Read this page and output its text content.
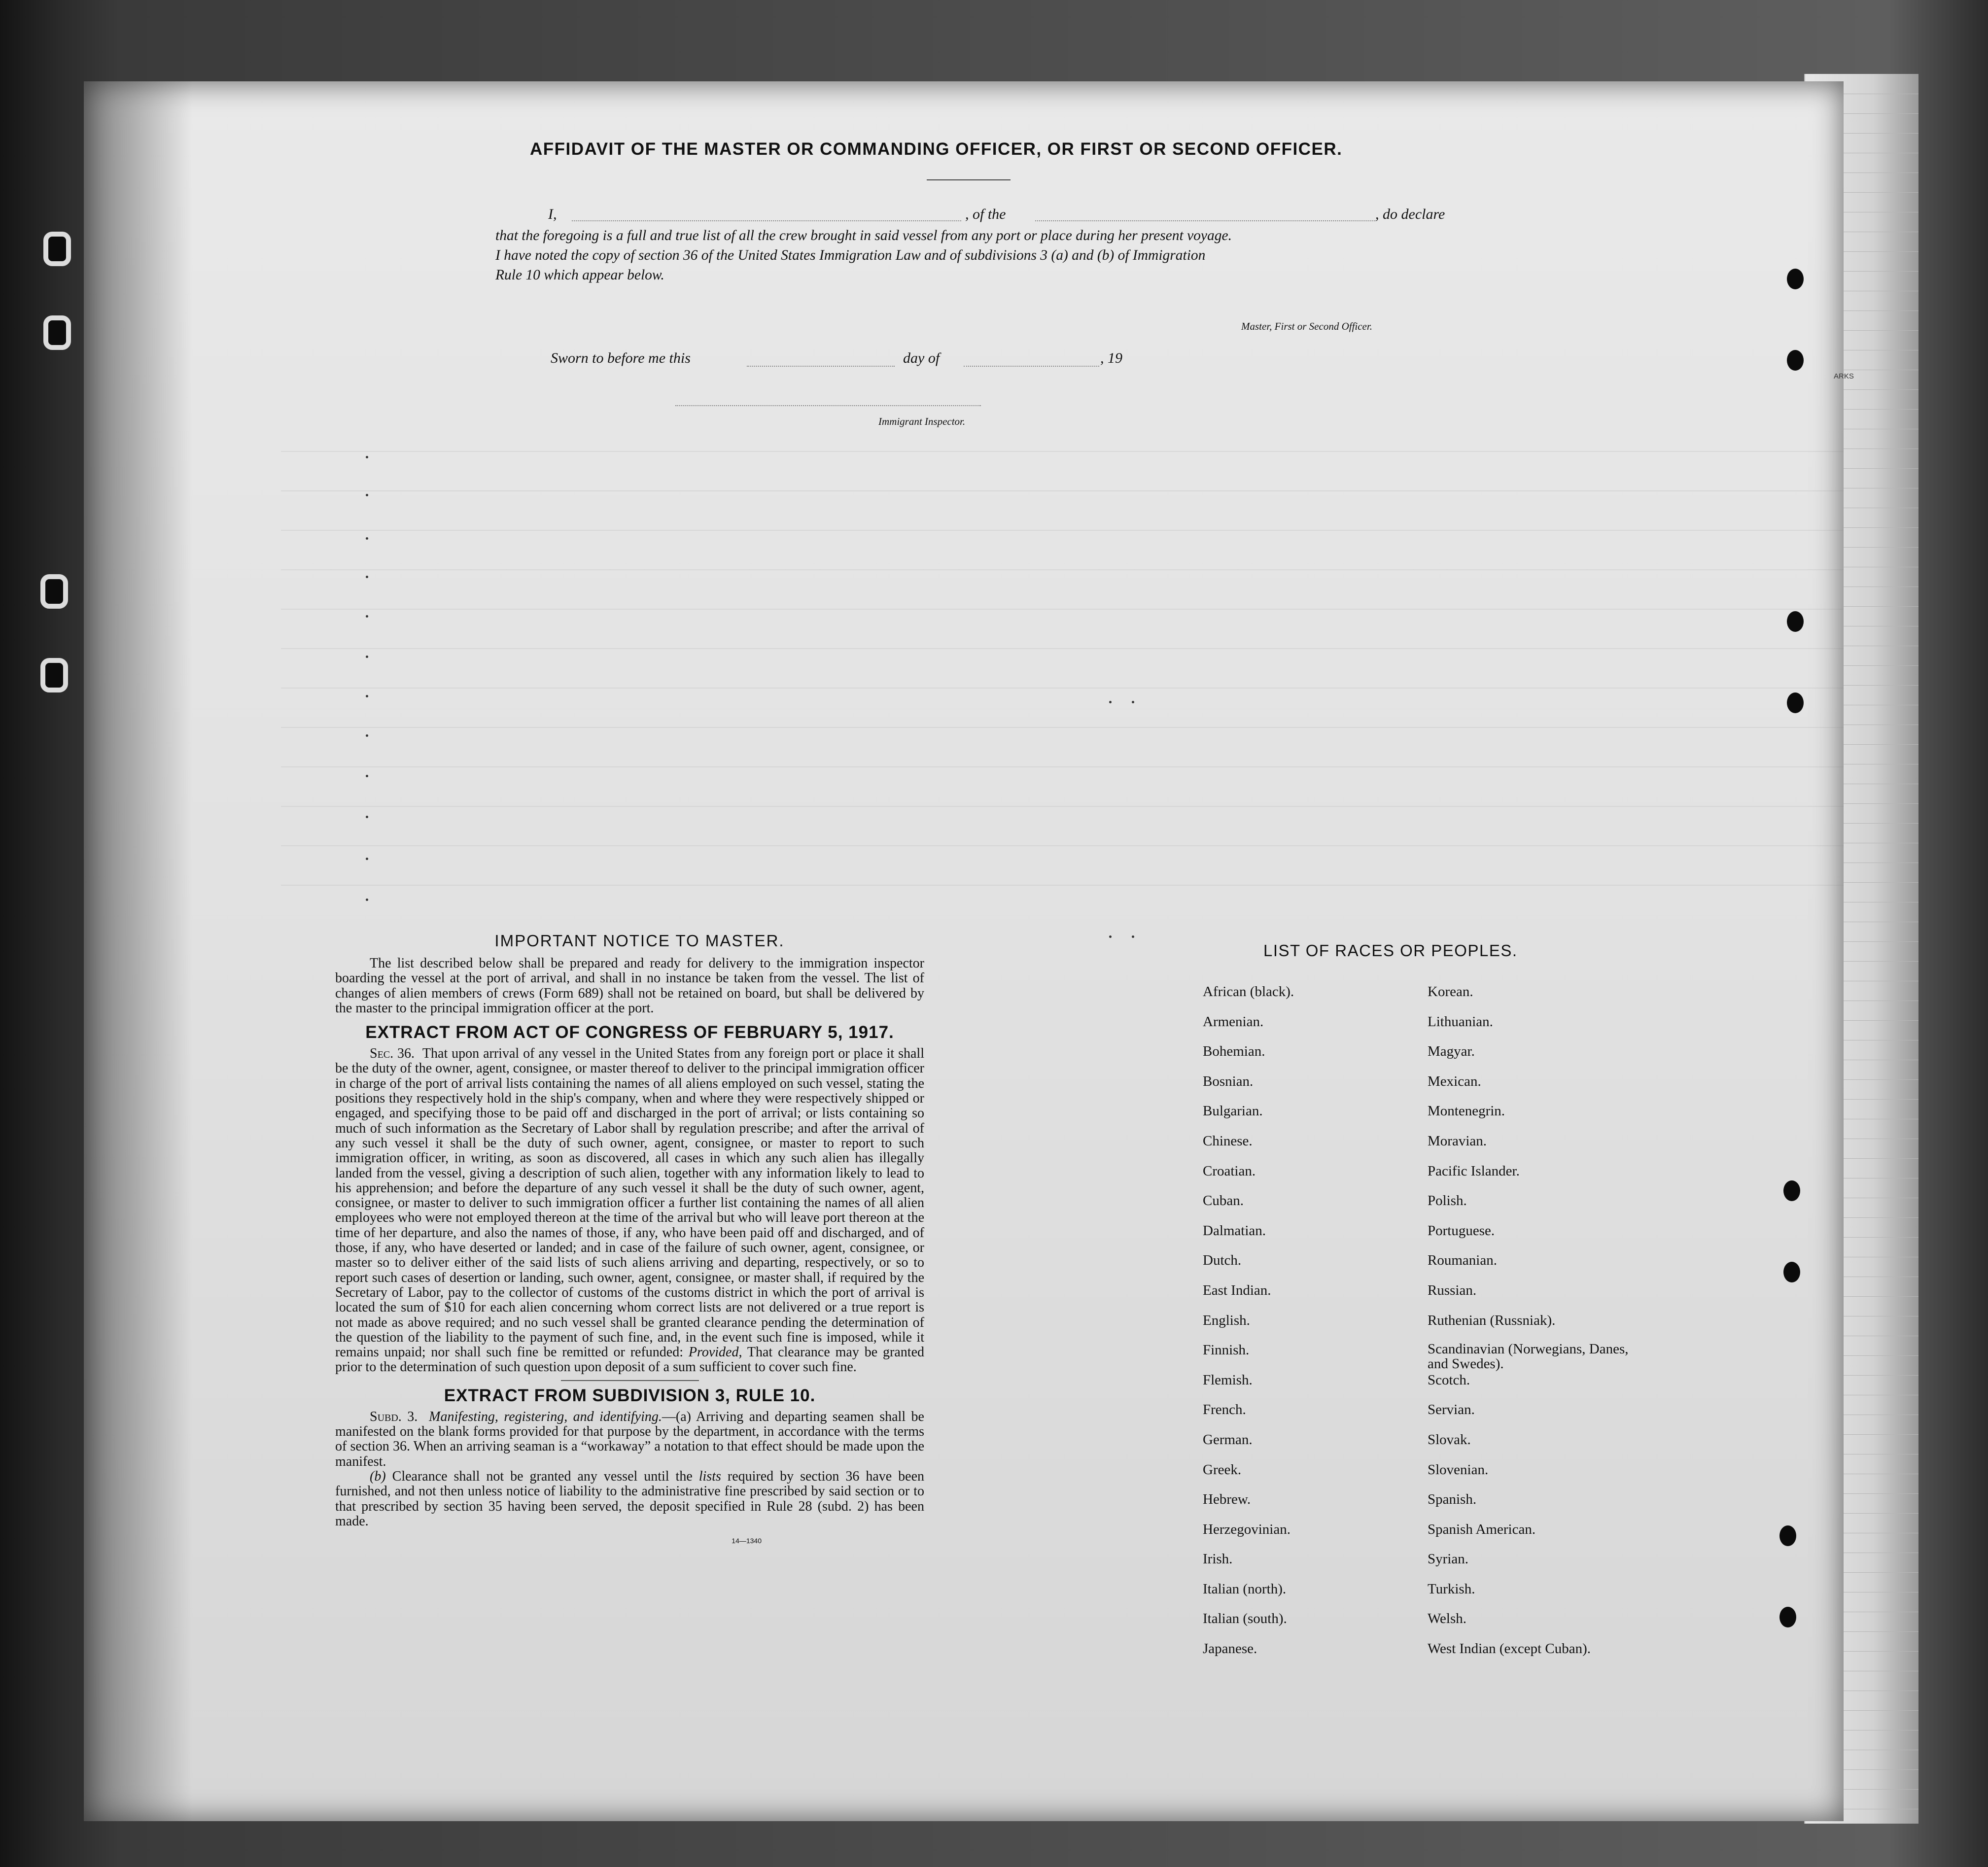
ARKS
AFFIDAVIT OF THE MASTER OR COMMANDING OFFICER, OR FIRST OR SECOND OFFICER.
I,	, of the	, do declare
that the foregoing is a full and true list of all the crew brought in said vessel from any port or place during her present voyage.
I have noted the copy of section 36 of the United States Immigration Law and of subdivisions 3 (a) and (b) of Immigration
Rule 10 which appear below.
Master, First or Second Officer.
Sworn to before me this	day of	, 19
Immigrant Inspector.
IMPORTANT NOTICE TO MASTER.

The list described below shall be prepared and ready for delivery to the immigration inspector boarding the vessel at the port of arrival, and shall in no instance be taken from the vessel. The list of changes of alien members of crews (Form 689) shall not be retained on board, but shall be delivered by the master to the principal immigration officer at the port.

EXTRACT FROM ACT OF CONGRESS OF FEBRUARY 5, 1917.

Sec. 36. That upon arrival of any vessel in the United States from any foreign port or place it shall be the duty of the owner, agent, consignee, or master thereof to deliver to the principal immigration officer in charge of the port of arrival lists containing the names of all aliens employed on such vessel, stating the positions they respectively hold in the ship's company, when and where they were respectively shipped or engaged, and specifying those to be paid off and discharged in the port of arrival; or lists containing so much of such information as the Secretary of Labor shall by regulation prescribe; and after the arrival of any such vessel it shall be the duty of such owner, agent, consignee, or master to report to such immigration officer, in writing, as soon as discovered, all cases in which any such alien has illegally landed from the vessel, giving a description of such alien, together with any information likely to lead to his apprehension; and before the departure of any such vessel it shall be the duty of such owner, agent, consignee, or master to deliver to such immigration officer a further list containing the names of all alien employees who were not employed thereon at the time of the arrival but who will leave port thereon at the time of her departure, and also the names of those, if any, who have been paid off and discharged, and of those, if any, who have deserted or landed; and in case of the failure of such owner, agent, consignee, or master so to deliver either of the said lists of such aliens arriving and departing, respectively, or so to report such cases of desertion or landing, such owner, agent, consignee, or master shall, if required by the Secretary of Labor, pay to the collector of customs of the customs district in which the port of arrival is located the sum of $10 for each alien concerning whom correct lists are not delivered or a true report is not made as above required; and no such vessel shall be granted clearance pending the determination of the question of the liability to the payment of such fine, and, in the event such fine is imposed, while it remains unpaid; nor shall such fine be remitted or refunded: Provided, That clearance may be granted prior to the determination of such question upon deposit of a sum sufficient to cover such fine.

EXTRACT FROM SUBDIVISION 3, RULE 10.

Subd. 3. Manifesting, registering, and identifying.—(a) Arriving and departing seamen shall be manifested on the blank forms provided for that purpose by the department, in accordance with the terms of section 36. When an arriving seaman is a “workaway” a notation to that effect should be made upon the manifest.

(b) Clearance shall not be granted any vessel until the lists required by section 36 have been furnished, and not then unless notice of liability to the administrative fine prescribed by said section or to that prescribed by section 35 having been served, the deposit specified in Rule 28 (subd. 2) has been made.

14—1340
LIST OF RACES OR PEOPLES.
African (black).
Armenian.
Bohemian.
Bosnian.
Bulgarian.
Chinese.
Croatian.
Cuban.
Dalmatian.
Dutch.
East Indian.
English.
Finnish.
Flemish.
French.
German.
Greek.
Hebrew.
Herzegovinian.
Irish.
Italian (north).
Italian (south).
Japanese.
Korean.
Lithuanian.
Magyar.
Mexican.
Montenegrin.
Moravian.
Pacific Islander.
Polish.
Portuguese.
Roumanian.
Russian.
Ruthenian (Russniak).
Scandinavian (Norwegians, Danes, and Swedes).
Scotch.
Servian.
Slovak.
Slovenian.
Spanish.
Spanish American.
Syrian.
Turkish.
Welsh.
West Indian (except Cuban).
